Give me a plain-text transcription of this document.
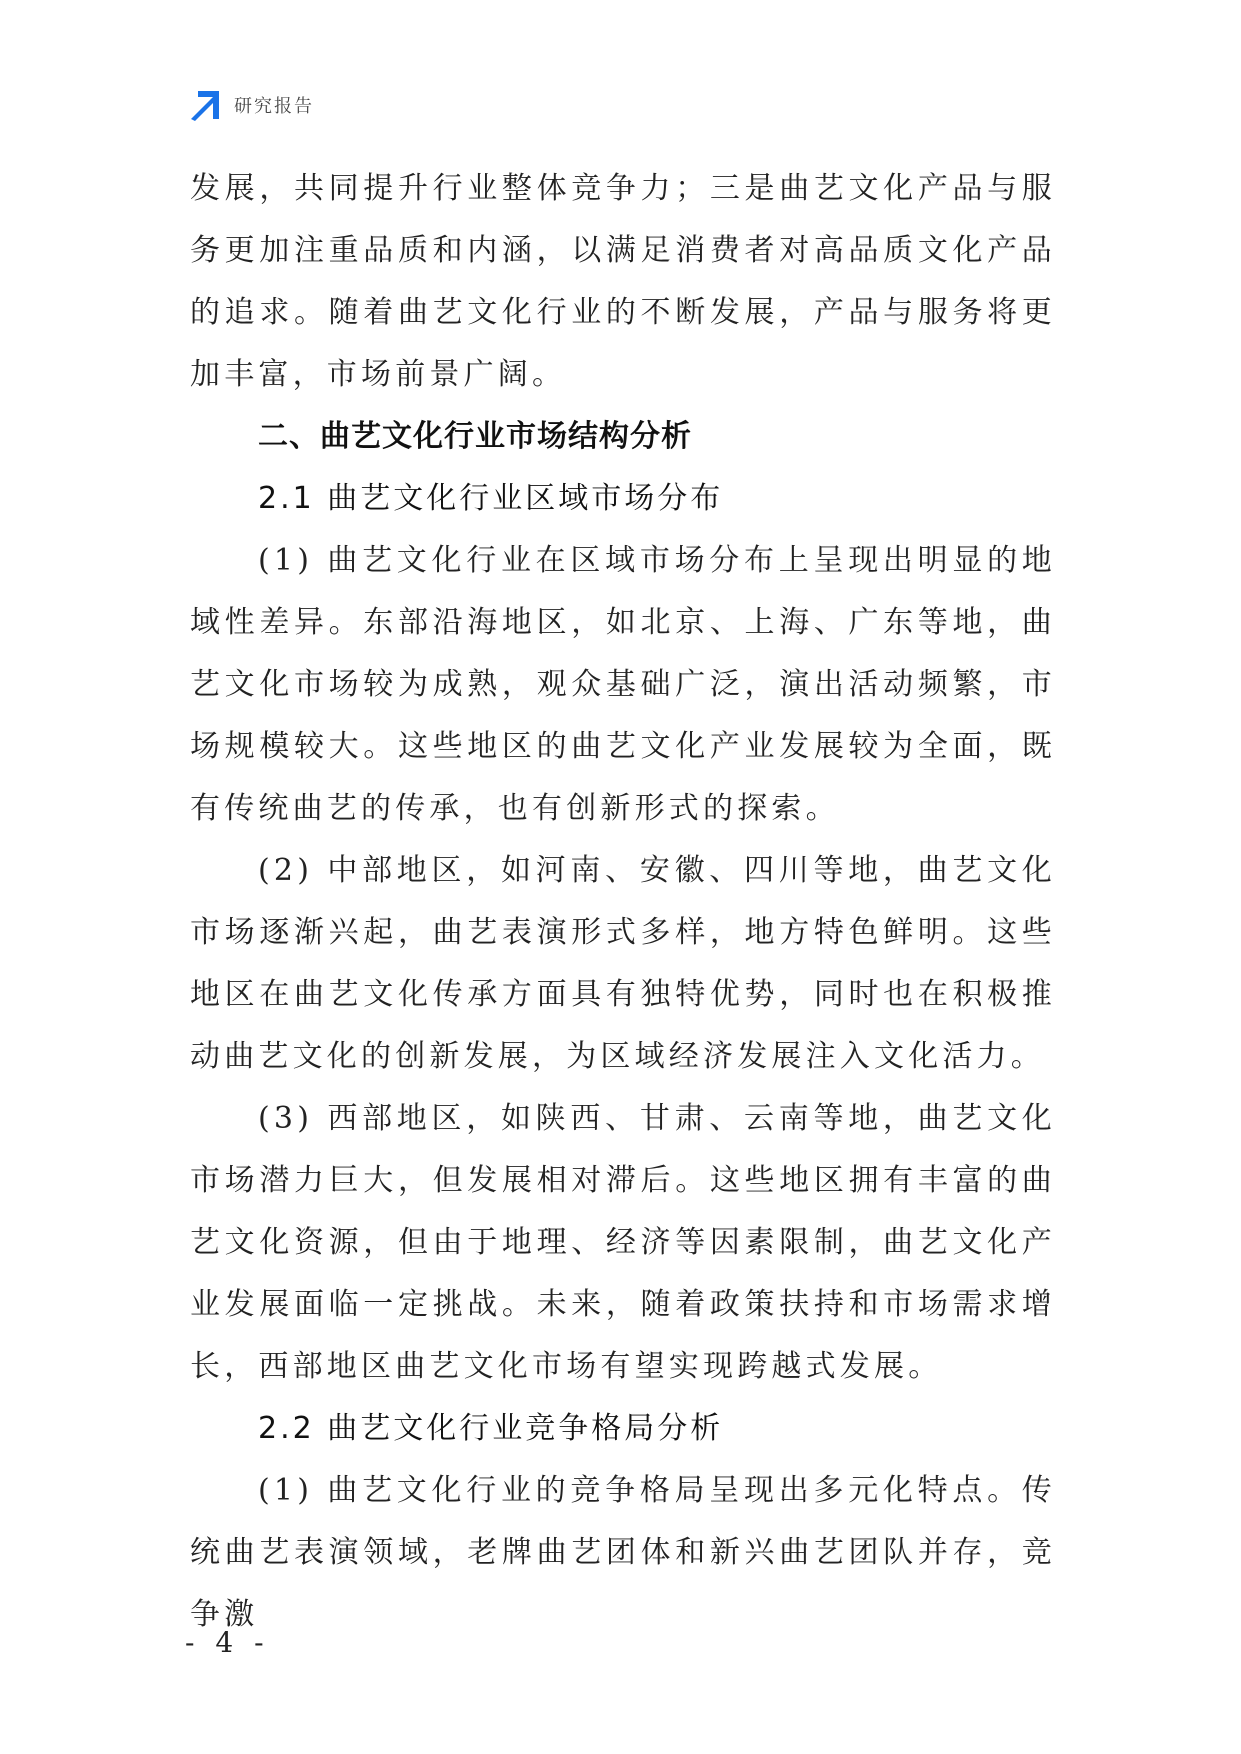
研究报告

发展，共同提升行业整体竞争力；三是曲艺文化产品与服务更加注重品质和内涵，以满足消费者对高品质文化产品的追求。随着曲艺文化行业的不断发展，产品与服务将更加丰富，市场前景广阔。

二、曲艺文化行业市场结构分析

2.1 曲艺文化行业区域市场分布

(1) 曲艺文化行业在区域市场分布上呈现出明显的地域性差异。东部沿海地区，如北京、上海、广东等地，曲艺文化市场较为成熟，观众基础广泛，演出活动频繁，市场规模较大。这些地区的曲艺文化产业发展较为全面，既有传统曲艺的传承，也有创新形式的探索。

(2) 中部地区，如河南、安徽、四川等地，曲艺文化市场逐渐兴起，曲艺表演形式多样，地方特色鲜明。这些地区在曲艺文化传承方面具有独特优势，同时也在积极推动曲艺文化的创新发展，为区域经济发展注入文化活力。

(3) 西部地区，如陕西、甘肃、云南等地，曲艺文化市场潜力巨大，但发展相对滞后。这些地区拥有丰富的曲艺文化资源，但由于地理、经济等因素限制，曲艺文化产业发展面临一定挑战。未来，随着政策扶持和市场需求增长，西部地区曲艺文化市场有望实现跨越式发展。

2.2 曲艺文化行业竞争格局分析

(1) 曲艺文化行业的竞争格局呈现出多元化特点。传统曲艺表演领域，老牌曲艺团体和新兴曲艺团队并存，竞争激

- 4 -
